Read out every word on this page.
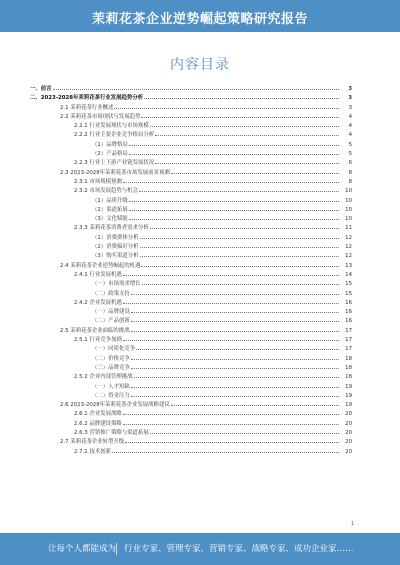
茉莉花茶企业逆势崛起策略研究报告
内容目录
一、前言	3
二、2023-2028年茉莉花茶行业发展趋势分析	3
2.1 茉莉花茶行业概述	3
2.2 茉莉花茶市场现状与发展趋势	4
2.2.1 行业发展现状与市场规模	4
2.2.2 行业主要企业竞争格局分析	4
（1）品牌格局	5
（2）产品格局	5
2.2.3 行业上下游产业链发展状况	6
2.3 2023-2028年茉莉花茶市场发展前景预测	8
2.3.1 市场规模预测	8
2.3.2 市场发展趋势与机会	10
（1）品质升级	10
（2）渠道拓展	10
（3）文化赋能	10
2.3.3 茉莉花茶消费者需求分析	11
（1）消费群体分析	12
（2）消费偏好分析	12
（3）购买渠道分析	12
2.4 茉莉花茶企业逆势崛起的机遇	13
2.4.1 行业发展机遇	14
（一）市场需求增长	15
（二）政策支持	15
2.4.2 企业发展机遇	16
（一）品牌建设	16
（二）产品创新	16
2.5 茉莉花茶企业面临的挑战	17
2.5.1 行业竞争加剧	17
（一）同质化竞争	17
（二）价格竞争	18
（三）品牌竞争	18
2.5.2 企业内部管理挑战	18
（一）人才短缺	19
（二）资金压力	19
2.6 2023-2028年茉莉花茶企业发展战略建议	19
2.6.1 企业发展战略	20
2.6.2 品牌建设策略	20
2.6.3 营销推广策略与渠道拓展	20
2.7 茉莉花茶企业转型升级	20
2.7.1 技术创新	20
1
让每个人都能成为 行业专家、管理专家、营销专家、战略专家、成功企业家……
